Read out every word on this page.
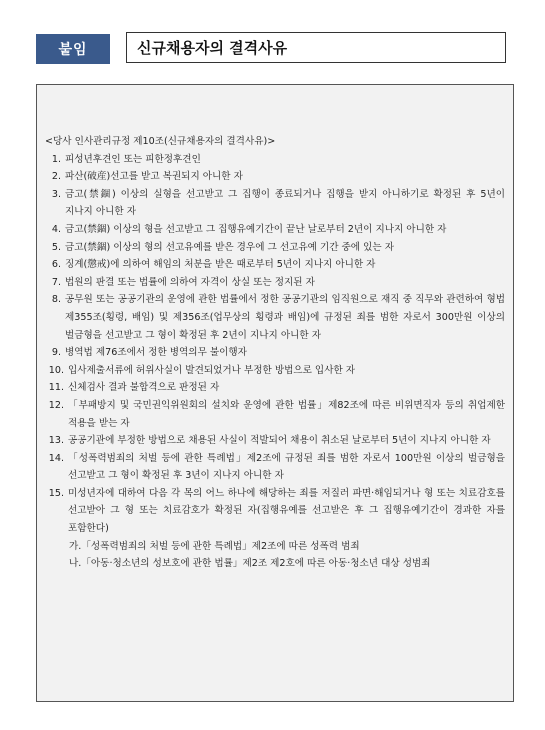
붙임	신규채용자의 결격사유
<당사 인사관리규정 제10조(신규채용자의 결격사유)>
1. 피성년후견인 또는 피한정후견인
2. 파산(破産)선고를 받고 복권되지 아니한 자
3. 금고(禁錮) 이상의 실형을 선고받고 그 집행이 종료되거나 집행을 받지 아니하기로 확정된 후 5년이 지나지 아니한 자
4. 금고(禁錮) 이상의 형을 선고받고 그 집행유예기간이 끝난 날로부터 2년이 지나지 아니한 자
5. 금고(禁錮) 이상의 형의 선고유예를 받은 경우에 그 선고유예 기간 중에 있는 자
6. 징계(懲戒)에 의하여 해임의 처분을 받은 때로부터 5년이 지나지 아니한 자
7. 법원의 판결 또는 법률에 의하여 자격이 상실 또는 정지된 자
8. 공무원 또는 공공기관의 운영에 관한 법률에서 정한 공공기관의 임직원으로 재직 중 직무와 관련하여 형법 제355조(횡령, 배임) 및 제356조(업무상의 횡령과 배임)에 규정된 죄를 범한 자로서 300만원 이상의 벌금형을 선고받고 그 형이 확정된 후 2년이 지나지 아니한 자
9. 병역법 제76조에서 정한 병역의무 불이행자
10. 입사제출서류에 허위사실이 발견되었거나 부정한 방법으로 입사한 자
11. 신체검사 결과 불합격으로 판정된 자
12. 「부패방지 및 국민권익위원회의 설치와 운영에 관한 법률」제82조에 따른 비위면직자 등의 취업제한 적용을 받는 자
13. 공공기관에 부정한 방법으로 채용된 사실이 적발되어 채용이 취소된 날로부터 5년이 지나지 아니한 자
14. 「성폭력범죄의 처벌 등에 관한 특례법」제2조에 규정된 죄를 범한 자로서 100만원 이상의 벌금형을 선고받고 그 형이 확정된 후 3년이 지나지 아니한 자
15. 미성년자에 대하여 다음 각 목의 어느 하나에 해당하는 죄를 저질러 파면·해임되거나 형 또는 치료감호를 선고받아 그 형 또는 치료감호가 확정된 자(집행유예를 선고받은 후 그 집행유예기간이 경과한 자를 포함한다)
가.「성폭력범죄의 처벌 등에 관한 특례법」제2조에 따른 성폭력 범죄
나.「아동·청소년의 성보호에 관한 법률」제2조 제2호에 따른 아동·청소년 대상 성범죄
